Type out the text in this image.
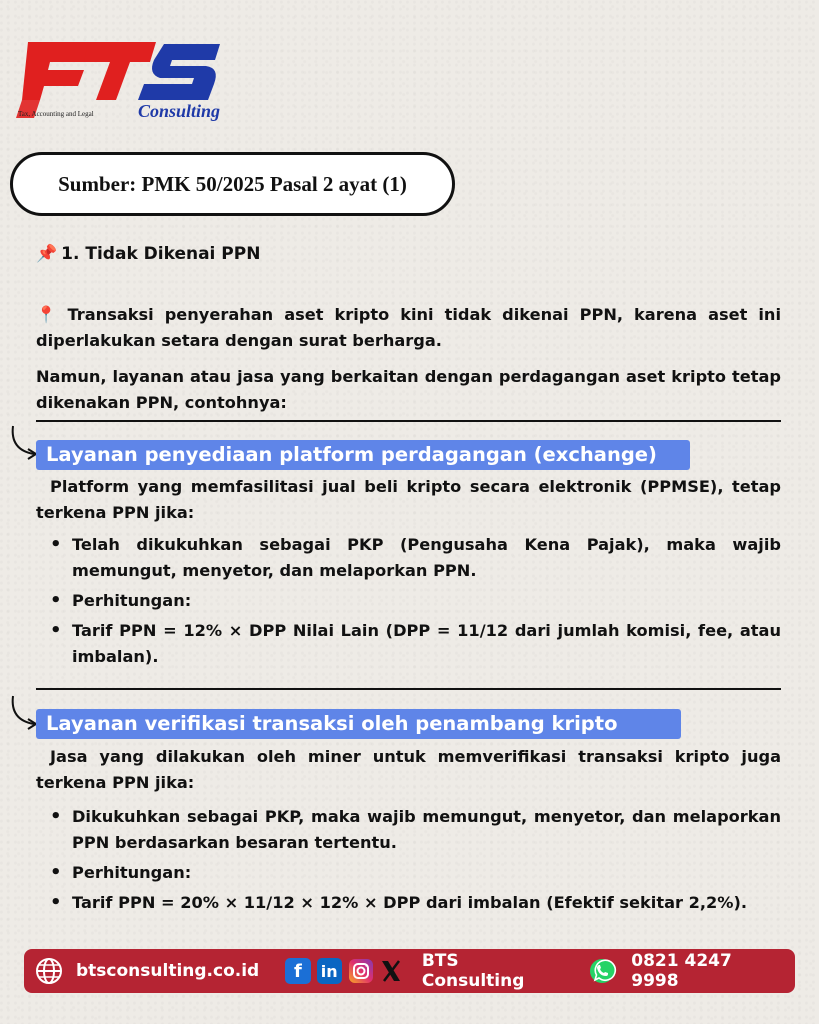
Tax, Accounting and Legal Consulting
Sumber: PMK 50/2025 Pasal 2 ayat (1)
📌 1. Tidak Dikenai PPN
📍 Transaksi penyerahan aset kripto kini tidak dikenai PPN, karena aset ini diperlakukan setara dengan surat berharga.
Namun, layanan atau jasa yang berkaitan dengan perdagangan aset kripto tetap dikenakan PPN, contohnya:
Layanan penyediaan platform perdagangan (exchange)
Platform yang memfasilitasi jual beli kripto secara elektronik (PPMSE), tetap terkena PPN jika:
• Telah dikukuhkan sebagai PKP (Pengusaha Kena Pajak), maka wajib memungut, menyetor, dan melaporkan PPN.
• Perhitungan:
• Tarif PPN = 12% × DPP Nilai Lain (DPP = 11/12 dari jumlah komisi, fee, atau imbalan).
Layanan verifikasi transaksi oleh penambang kripto
Jasa yang dilakukan oleh miner untuk memverifikasi transaksi kripto juga terkena PPN jika:
• Dikukuhkan sebagai PKP, maka wajib memungut, menyetor, dan melaporkan PPN berdasarkan besaran tertentu.
• Perhitungan:
• Tarif PPN = 20% × 11/12 × 12% × DPP dari imbalan (Efektif sekitar 2,2%).
btsconsulting.co.id	f	in	BTS Consulting
0821 4247 9998
